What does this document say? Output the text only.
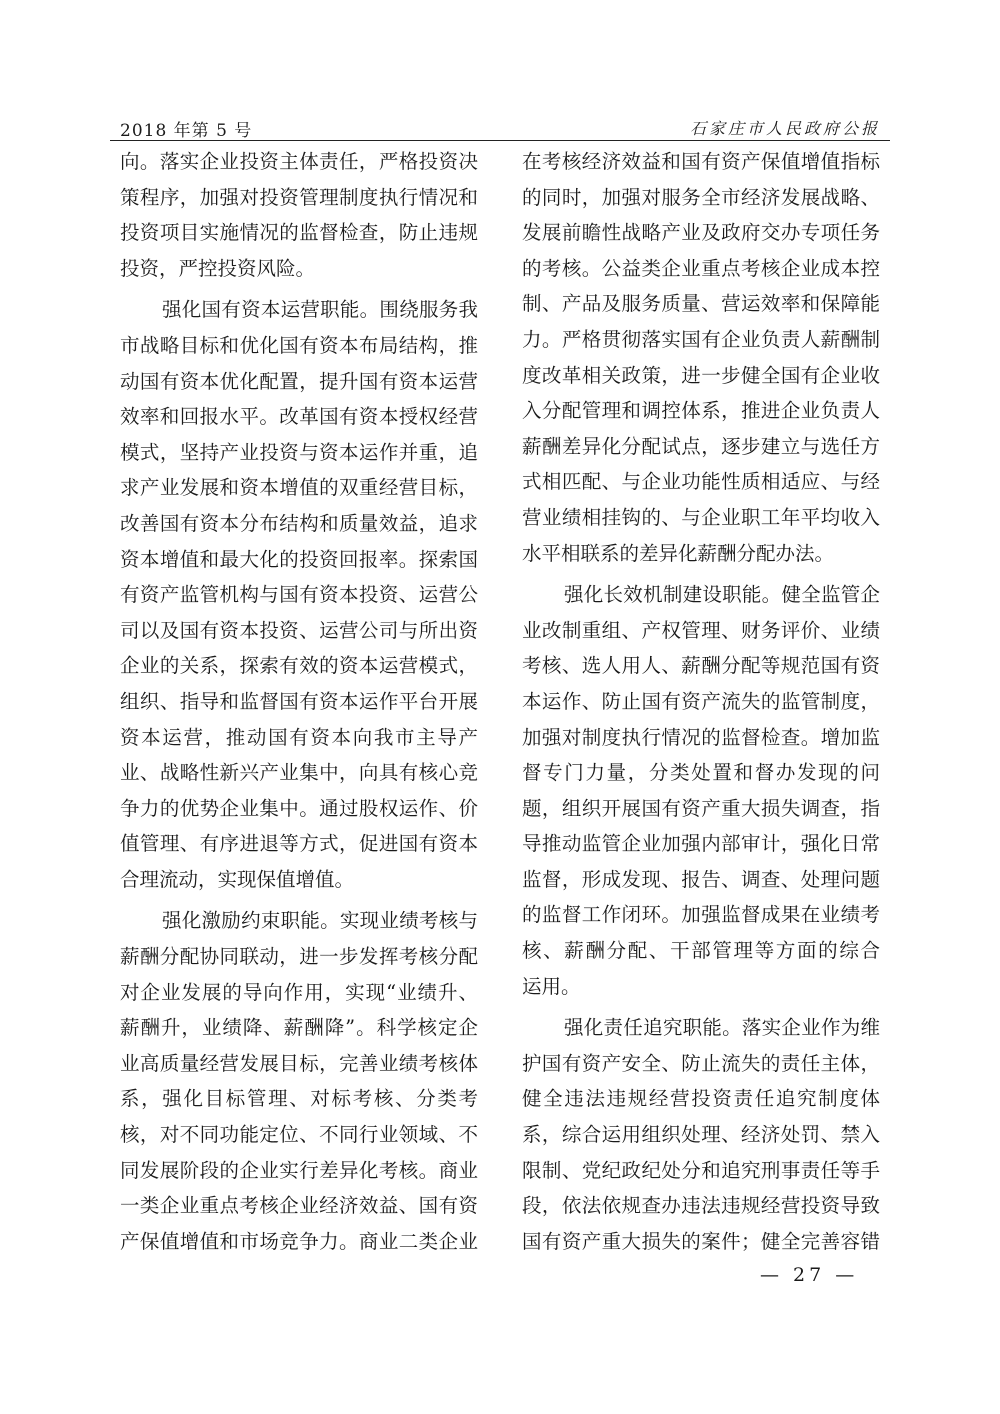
2018 年第 5 号	石家庄市人民政府公报
向。落实企业投资主体责任，严格投资决
策程序，加强对投资管理制度执行情况和
投资项目实施情况的监督检查，防止违规
投资，严控投资风险。
强化国有资本运营职能。围绕服务我
市战略目标和优化国有资本布局结构，推
动国有资本优化配置，提升国有资本运营
效率和回报水平。改革国有资本授权经营
模式，坚持产业投资与资本运作并重，追
求产业发展和资本增值的双重经营目标，
改善国有资本分布结构和质量效益，追求
资本增值和最大化的投资回报率。探索国
有资产监管机构与国有资本投资、运营公
司以及国有资本投资、运营公司与所出资
企业的关系，探索有效的资本运营模式，
组织、指导和监督国有资本运作平台开展
资本运营，推动国有资本向我市主导产
业、战略性新兴产业集中，向具有核心竞
争力的优势企业集中。通过股权运作、价
值管理、有序进退等方式，促进国有资本
合理流动，实现保值增值。
强化激励约束职能。实现业绩考核与
薪酬分配协同联动，进一步发挥考核分配
对企业发展的导向作用，实现“业绩升、
薪酬升，业绩降、薪酬降”。科学核定企
业高质量经营发展目标，完善业绩考核体
系，强化目标管理、对标考核、分类考
核，对不同功能定位、不同行业领域、不
同发展阶段的企业实行差异化考核。商业
一类企业重点考核企业经济效益、国有资
产保值增值和市场竞争力。商业二类企业
在考核经济效益和国有资产保值增值指标
的同时，加强对服务全市经济发展战略、
发展前瞻性战略产业及政府交办专项任务
的考核。公益类企业重点考核企业成本控
制、产品及服务质量、营运效率和保障能
力。严格贯彻落实国有企业负责人薪酬制
度改革相关政策，进一步健全国有企业收
入分配管理和调控体系，推进企业负责人
薪酬差异化分配试点，逐步建立与选任方
式相匹配、与企业功能性质相适应、与经
营业绩相挂钩的、与企业职工年平均收入
水平相联系的差异化薪酬分配办法。
强化长效机制建设职能。健全监管企
业改制重组、产权管理、财务评价、业绩
考核、选人用人、薪酬分配等规范国有资
本运作、防止国有资产流失的监管制度，
加强对制度执行情况的监督检查。增加监
督专门力量，分类处置和督办发现的问
题，组织开展国有资产重大损失调查，指
导推动监管企业加强内部审计，强化日常
监督，形成发现、报告、调查、处理问题
的监督工作闭环。加强监督成果在业绩考
核、薪酬分配、干部管理等方面的综合
运用。
强化责任追究职能。落实企业作为维
护国有资产安全、防止流失的责任主体，
健全违法违规经营投资责任追究制度体
系，综合运用组织处理、经济处罚、禁入
限制、党纪政纪处分和追究刑事责任等手
段，依法依规查办违法违规经营投资导致
国有资产重大损失的案件；健全完善容错
— 27 —
